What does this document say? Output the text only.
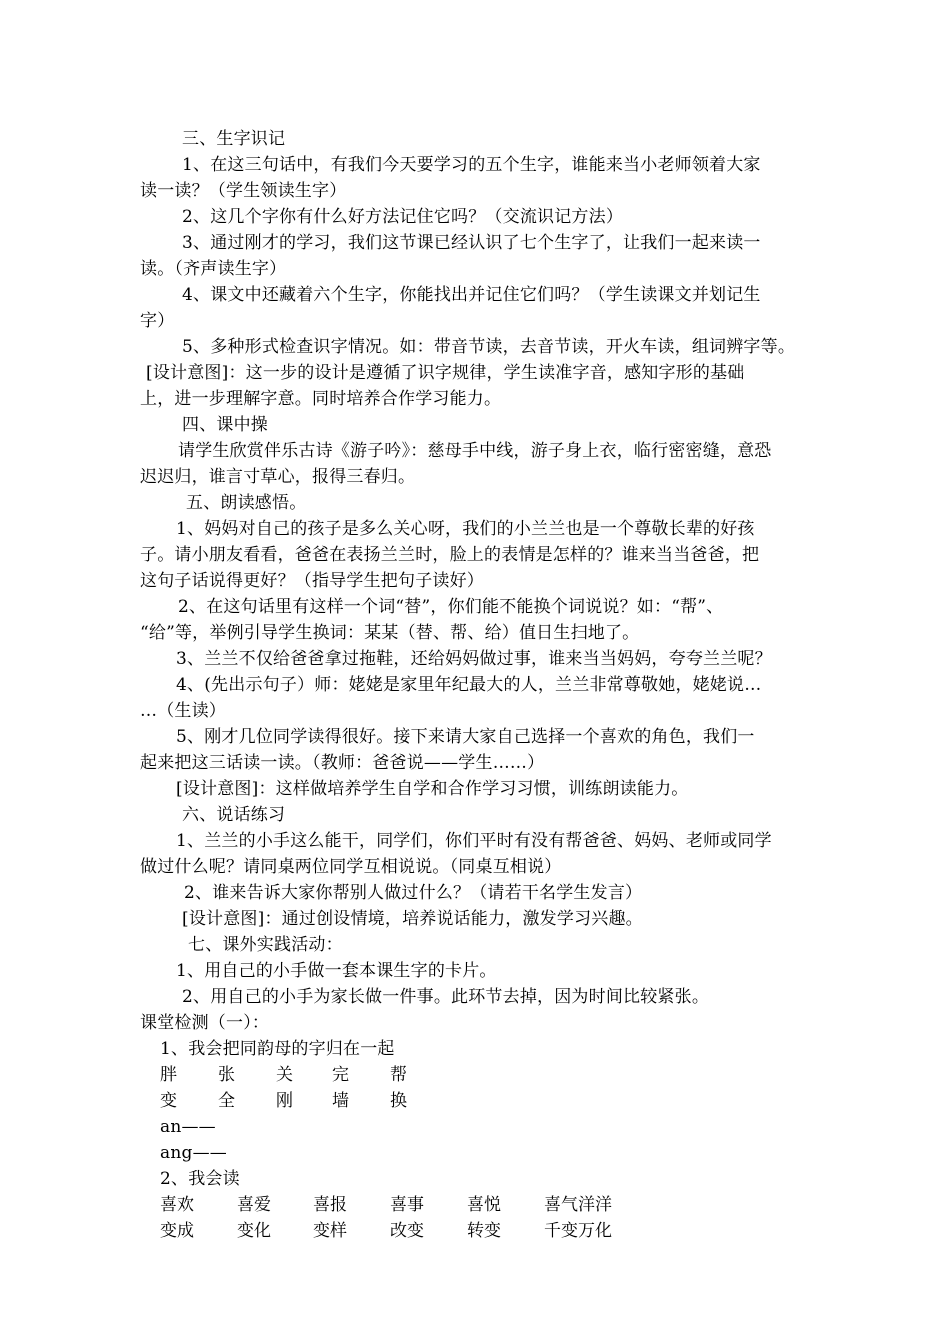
三、生字识记
1、在这三句话中，有我们今天要学习的五个生字，谁能来当小老师领着大家
读一读？（学生领读生字）
2、这几个字你有什么好方法记住它吗？（交流识记方法）
3、通过刚才的学习，我们这节课已经认识了七个生字了，让我们一起来读一
读。（齐声读生字）
4、课文中还藏着六个生字，你能找出并记住它们吗？（学生读课文并划记生
字）
5、多种形式检查识字情况。如：带音节读，去音节读，开火车读，组词辨字等。
[设计意图]：这一步的设计是遵循了识字规律，学生读准字音，感知字形的基础
上，进一步理解字意。同时培养合作学习能力。
四、课中操
请学生欣赏伴乐古诗《游子吟》：慈母手中线，游子身上衣，临行密密缝，意恐
迟迟归，谁言寸草心，报得三春归。
五、朗读感悟。
1、妈妈对自己的孩子是多么关心呀，我们的小兰兰也是一个尊敬长辈的好孩
子。请小朋友看看，爸爸在表扬兰兰时，脸上的表情是怎样的？谁来当当爸爸，把
这句子话说得更好？（指导学生把句子读好）
2、在这句话里有这样一个词“替”，你们能不能换个词说说？如：“帮”、
“给”等，举例引导学生换词：某某（替、帮、给）值日生扫地了。
3、兰兰不仅给爸爸拿过拖鞋，还给妈妈做过事，谁来当当妈妈，夸夸兰兰呢？
4、(先出示句子）师：姥姥是家里年纪最大的人，兰兰非常尊敬她，姥姥说…
…（生读）
5、刚才几位同学读得很好。接下来请大家自己选择一个喜欢的角色，我们一
起来把这三话读一读。（教师：爸爸说——学生……）
[设计意图]：这样做培养学生自学和合作学习习惯，训练朗读能力。
六、说话练习
1、兰兰的小手这么能干，同学们，你们平时有没有帮爸爸、妈妈、老师或同学
做过什么呢？请同桌两位同学互相说说。（同桌互相说）
2、谁来告诉大家你帮别人做过什么？（请若干名学生发言）
[设计意图]：通过创设情境，培养说话能力，激发学习兴趣。
七、课外实践活动：
1、用自己的小手做一套本课生字的卡片。
2、用自己的小手为家长做一件事。此环节去掉，因为时间比较紧张。
课堂检测（一）：
1、我会把同韵母的字归在一起
胖 张 关 完 帮
变 全 刚 墙 换
an——
ang——
2、我会读
喜欢	喜爱 喜报	喜事	喜悦	喜气洋洋
变成	变化 变样	改变	转变	千变万化
